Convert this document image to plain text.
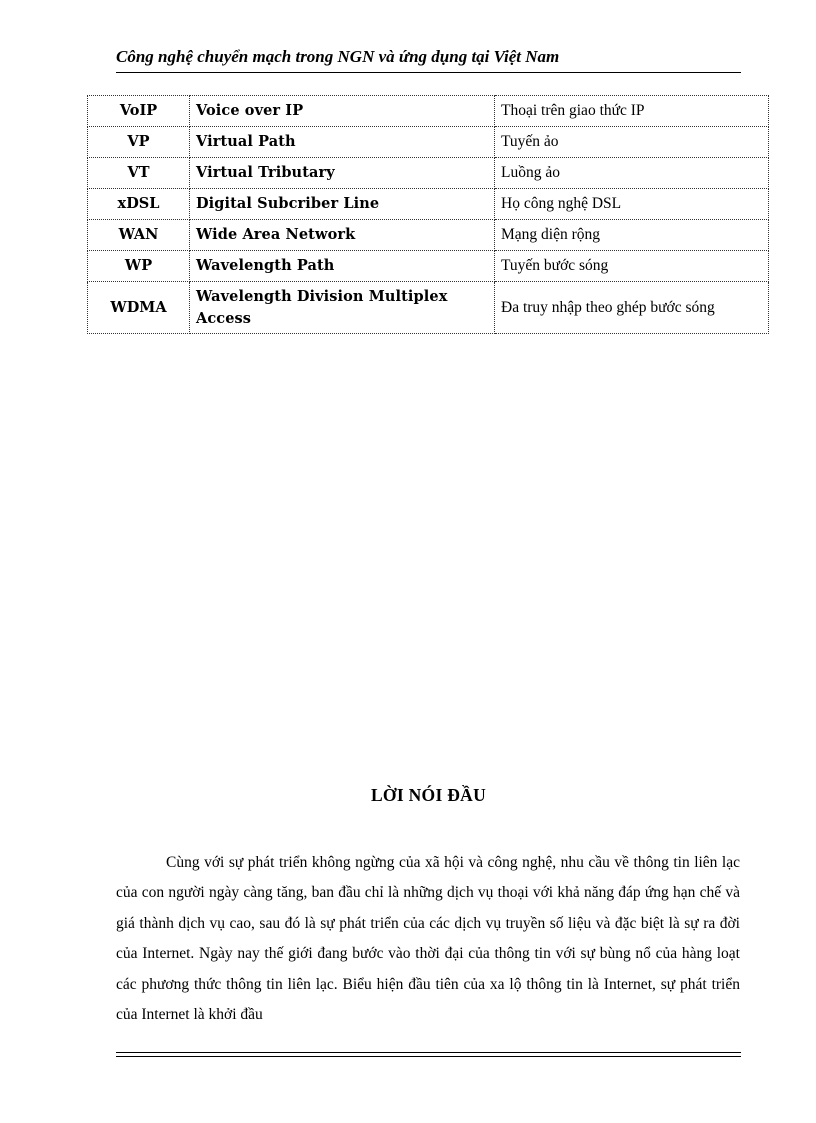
Công nghệ chuyển mạch trong NGN và ứng dụng tại Việt Nam
VoIP	Voice over IP	Thoại trên giao thức IP
VP	Virtual Path	Tuyến ảo
VT	Virtual Tributary	Luồng ảo
xDSL	Digital Subcriber Line	Họ công nghệ DSL
WAN	Wide Area Network	Mạng diện rộng
WP	Wavelength Path	Tuyến bước sóng
WDMA	Wavelength Division Multiplex Access	Đa truy nhập theo ghép bước sóng
LỜI NÓI ĐẦU

Cùng với sự phát triển không ngừng của xã hội và công nghệ, nhu cầu về thông tin liên lạc của con người ngày càng tăng, ban đầu chỉ là những dịch vụ thoại với khả năng đáp ứng hạn chế và giá thành dịch vụ cao, sau đó là sự phát triển của các dịch vụ truyền số liệu và đặc biệt là sự ra đời của Internet. Ngày nay thế giới đang bước vào thời đại của thông tin với sự bùng nổ của hàng loạt các phương thức thông tin liên lạc. Biểu hiện đầu tiên của xa lộ thông tin là Internet, sự phát triển của Internet là khởi đầu
